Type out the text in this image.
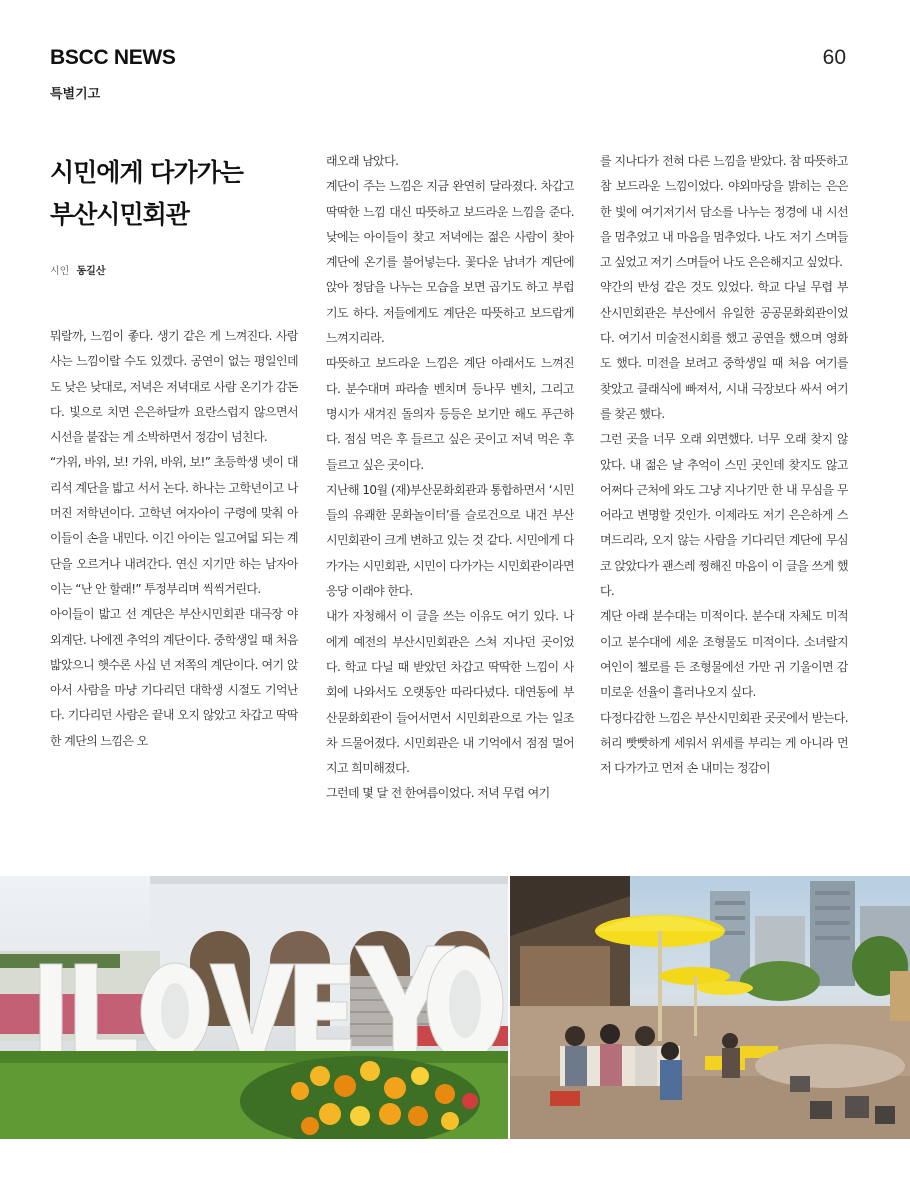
BSCC NEWS	60
특별기고
시민에게 다가가는
부산시민회관
시인 동길산

뭐랄까, 느낌이 좋다. 생기 같은 게 느껴진다. 사람 사는 느낌이랄 수도 있겠다. 공연이 없는 평일인데도 낮은 낮대로, 저녁은 저녁대로 사람 온기가 감돈다. 빛으로 치면 은은하달까 요란스럽지 않으면서 시선을 붙잡는 게 소박하면서 정감이 넘친다.

“가위, 바위, 보! 가위, 바위, 보!” 초등학생 넷이 대리석 계단을 밟고 서서 논다. 하나는 고학년이고 나머진 저학년이다. 고학년 여자아이 구령에 맞춰 아이들이 손을 내민다. 이긴 아이는 일고여덟 되는 계단을 오르거나 내려간다. 연신 지기만 하는 남자아이는 “난 안 할래!” 투정부리며 씩씩거린다.

아이들이 밟고 선 계단은 부산시민회관 대극장 야외계단. 나에겐 추억의 계단이다. 중학생일 때 처음 밟았으니 햇수론 사십 년 저쪽의 계단이다. 여기 앉아서 사람을 마냥 기다리던 대학생 시절도 기억난다. 기다리던 사람은 끝내 오지 않았고 차갑고 딱딱한 계단의 느낌은 오

래오래 남았다.

계단이 주는 느낌은 지금 완연히 달라졌다. 차갑고 딱딱한 느낌 대신 따뜻하고 보드라운 느낌을 준다. 낮에는 아이들이 찾고 저녁에는 젊은 사람이 찾아 계단에 온기를 불어넣는다. 꽃다운 남녀가 계단에 앉아 정담을 나누는 모습을 보면 곱기도 하고 부럽기도 하다. 저들에게도 계단은 따뜻하고 보드랍게 느껴지리라.

따뜻하고 보드라운 느낌은 계단 아래서도 느껴진다. 분수대며 파라솔 벤치며 등나무 벤치, 그리고 명시가 새겨진 돌의자 등등은 보기만 해도 푸근하다. 점심 먹은 후 들르고 싶은 곳이고 저녁 먹은 후 들르고 싶은 곳이다.

지난해 10월 (재)부산문화회관과 통합하면서 ‘시민들의 유쾌한 문화놀이터’를 슬로건으로 내건 부산시민회관이 크게 변하고 있는 것 같다. 시민에게 다가가는 시민회관, 시민이 다가가는 시민회관이라면 응당 이래야 한다.

내가 자청해서 이 글을 쓰는 이유도 여기 있다. 나에게 예전의 부산시민회관은 스쳐 지나던 곳이었다. 학교 다닐 때 받았던 차갑고 딱딱한 느낌이 사회에 나와서도 오랫동안 따라다녔다. 대연동에 부산문화회관이 들어서면서 시민회관으로 가는 일조차 드물어졌다. 시민회관은 내 기억에서 점점 멀어지고 희미해졌다.

그런데 몇 달 전 한여름이었다. 저녁 무렵 여기

를 지나다가 전혀 다른 느낌을 받았다. 참 따뜻하고 참 보드라운 느낌이었다. 야외마당을 밝히는 은은한 빛에 여기저기서 담소를 나누는 정경에 내 시선을 멈추었고 내 마음을 멈추었다. 나도 저기 스며들고 싶었고 저기 스며들어 나도 은은해지고 싶었다.

약간의 반성 같은 것도 있었다. 학교 다닐 무렵 부산시민회관은 부산에서 유일한 공공문화회관이었다. 여기서 미술전시회를 했고 공연을 했으며 영화도 했다. 미전을 보려고 중학생일 때 처음 여기를 찾았고 클래식에 빠져서, 시내 극장보다 싸서 여기를 찾곤 했다.

그런 곳을 너무 오래 외면했다. 너무 오래 찾지 않았다. 내 젊은 날 추억이 스민 곳인데 찾지도 않고 어쩌다 근처에 와도 그냥 지나기만 한 내 무심을 무어라고 변명할 것인가. 이제라도 저기 은은하게 스며드리라, 오지 않는 사람을 기다리던 계단에 무심코 앉았다가 괜스레 찡해진 마음이 이 글을 쓰게 했다.

계단 아래 분수대는 미적이다. 분수대 자체도 미적이고 분수대에 세운 조형물도 미적이다. 소녀랄지 여인이 첼로를 든 조형물에선 가만 귀 기울이면 감미로운 선율이 흘러나오지 싶다.

다정다감한 느낌은 부산시민회관 곳곳에서 받는다. 허리 빳빳하게 세워서 위세를 부리는 게 아니라 먼저 다가가고 먼저 손 내미는 정감이
